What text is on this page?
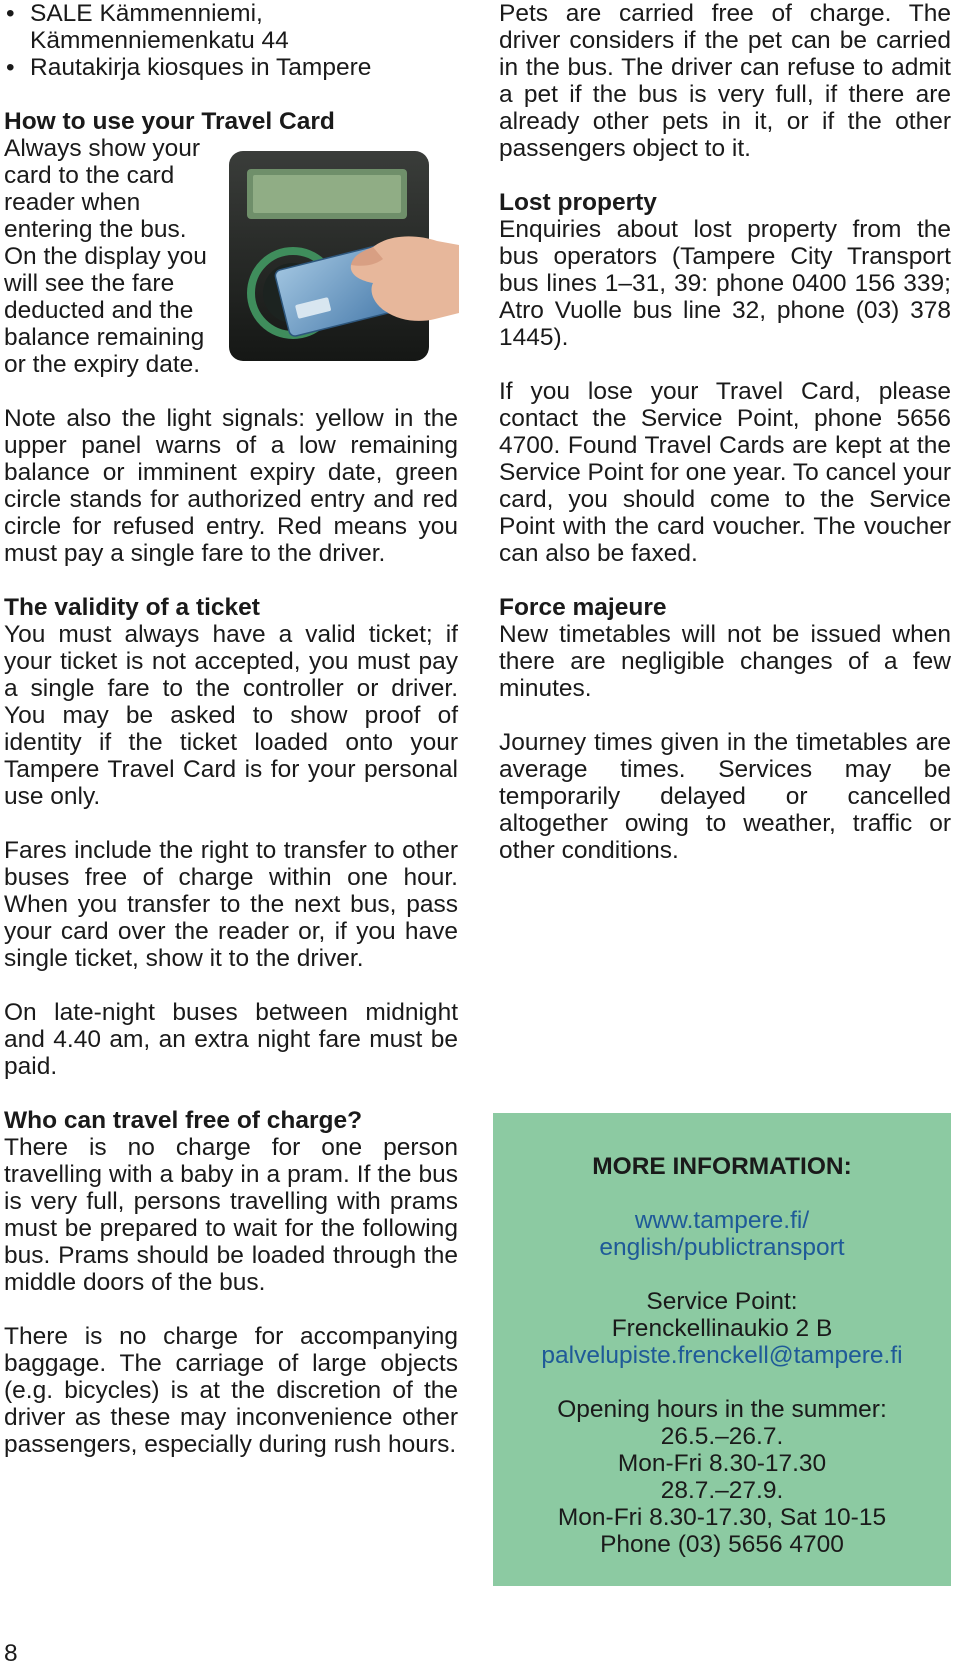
• SALE Kämmenniemi,
Kämmenniemenkatu 44
• Rautakirja kiosques in Tampere
How to use your Travel Card

Always show your card to the card reader when entering the bus. On the display you will see the fare deducted and the balance remaining or the expiry date.

Note also the light signals: yellow in the upper panel warns of a low remaining balance or imminent expiry date, green circle stands for authorized entry and red circle for refused entry. Red means you must pay a single fare to the driver.

The validity of a ticket

You must always have a valid ticket; if your ticket is not accepted, you must pay a single fare to the controller or driver. You may be asked to show proof of identity if the ticket loaded onto your Tampere Travel Card is for your personal use only.

Fares include the right to transfer to other buses free of charge within one hour. When you transfer to the next bus, pass your card over the reader or, if you have single ticket, show it to the driver.

On late-night buses between midnight and 4.40 am, an extra night fare must be paid.

Who can travel free of charge?

There is no charge for one person travelling with a baby in a pram. If the bus is very full, persons travelling with prams must be prepared to wait for the following bus. Prams should be loaded through the middle doors of the bus.

There is no charge for accompanying baggage. The carriage of large objects (e.g. bicycles) is at the discretion of the driver as these may inconvenience other passengers, especially during rush hours.

Pets are carried free of charge. The driver considers if the pet can be carried in the bus. The driver can refuse to admit a pet if the bus is very full, if there are already other pets in it, or if the other passengers object to it.

Lost property

Enquiries about lost property from the bus operators (Tampere City Transport bus lines 1–31, 39: phone 0400 156 339; Atro Vuolle bus line 32, phone (03) 378 1445).

If you lose your Travel Card, please contact the Service Point, phone 5656 4700. Found Travel Cards are kept at the Service Point for one year. To cancel your card, you should come to the Service Point with the card voucher. The voucher can also be faxed.

Force majeure

New timetables will not be issued when there are negligible changes of a few minutes.

Journey times given in the timetables are average times. Services may be temporarily delayed or cancelled altogether owing to weather, traffic or other conditions.

MORE INFORMATION:
www.tampere.fi/
english/publictransport
Service Point:
Frenckellinaukio 2 B
palvelupiste.frenckell@tampere.fi
Opening hours in the summer:
26.5.–26.7.
Mon-Fri 8.30-17.30
28.7.–27.9.
Mon-Fri 8.30-17.30, Sat 10-15
Phone (03) 5656 4700
8
